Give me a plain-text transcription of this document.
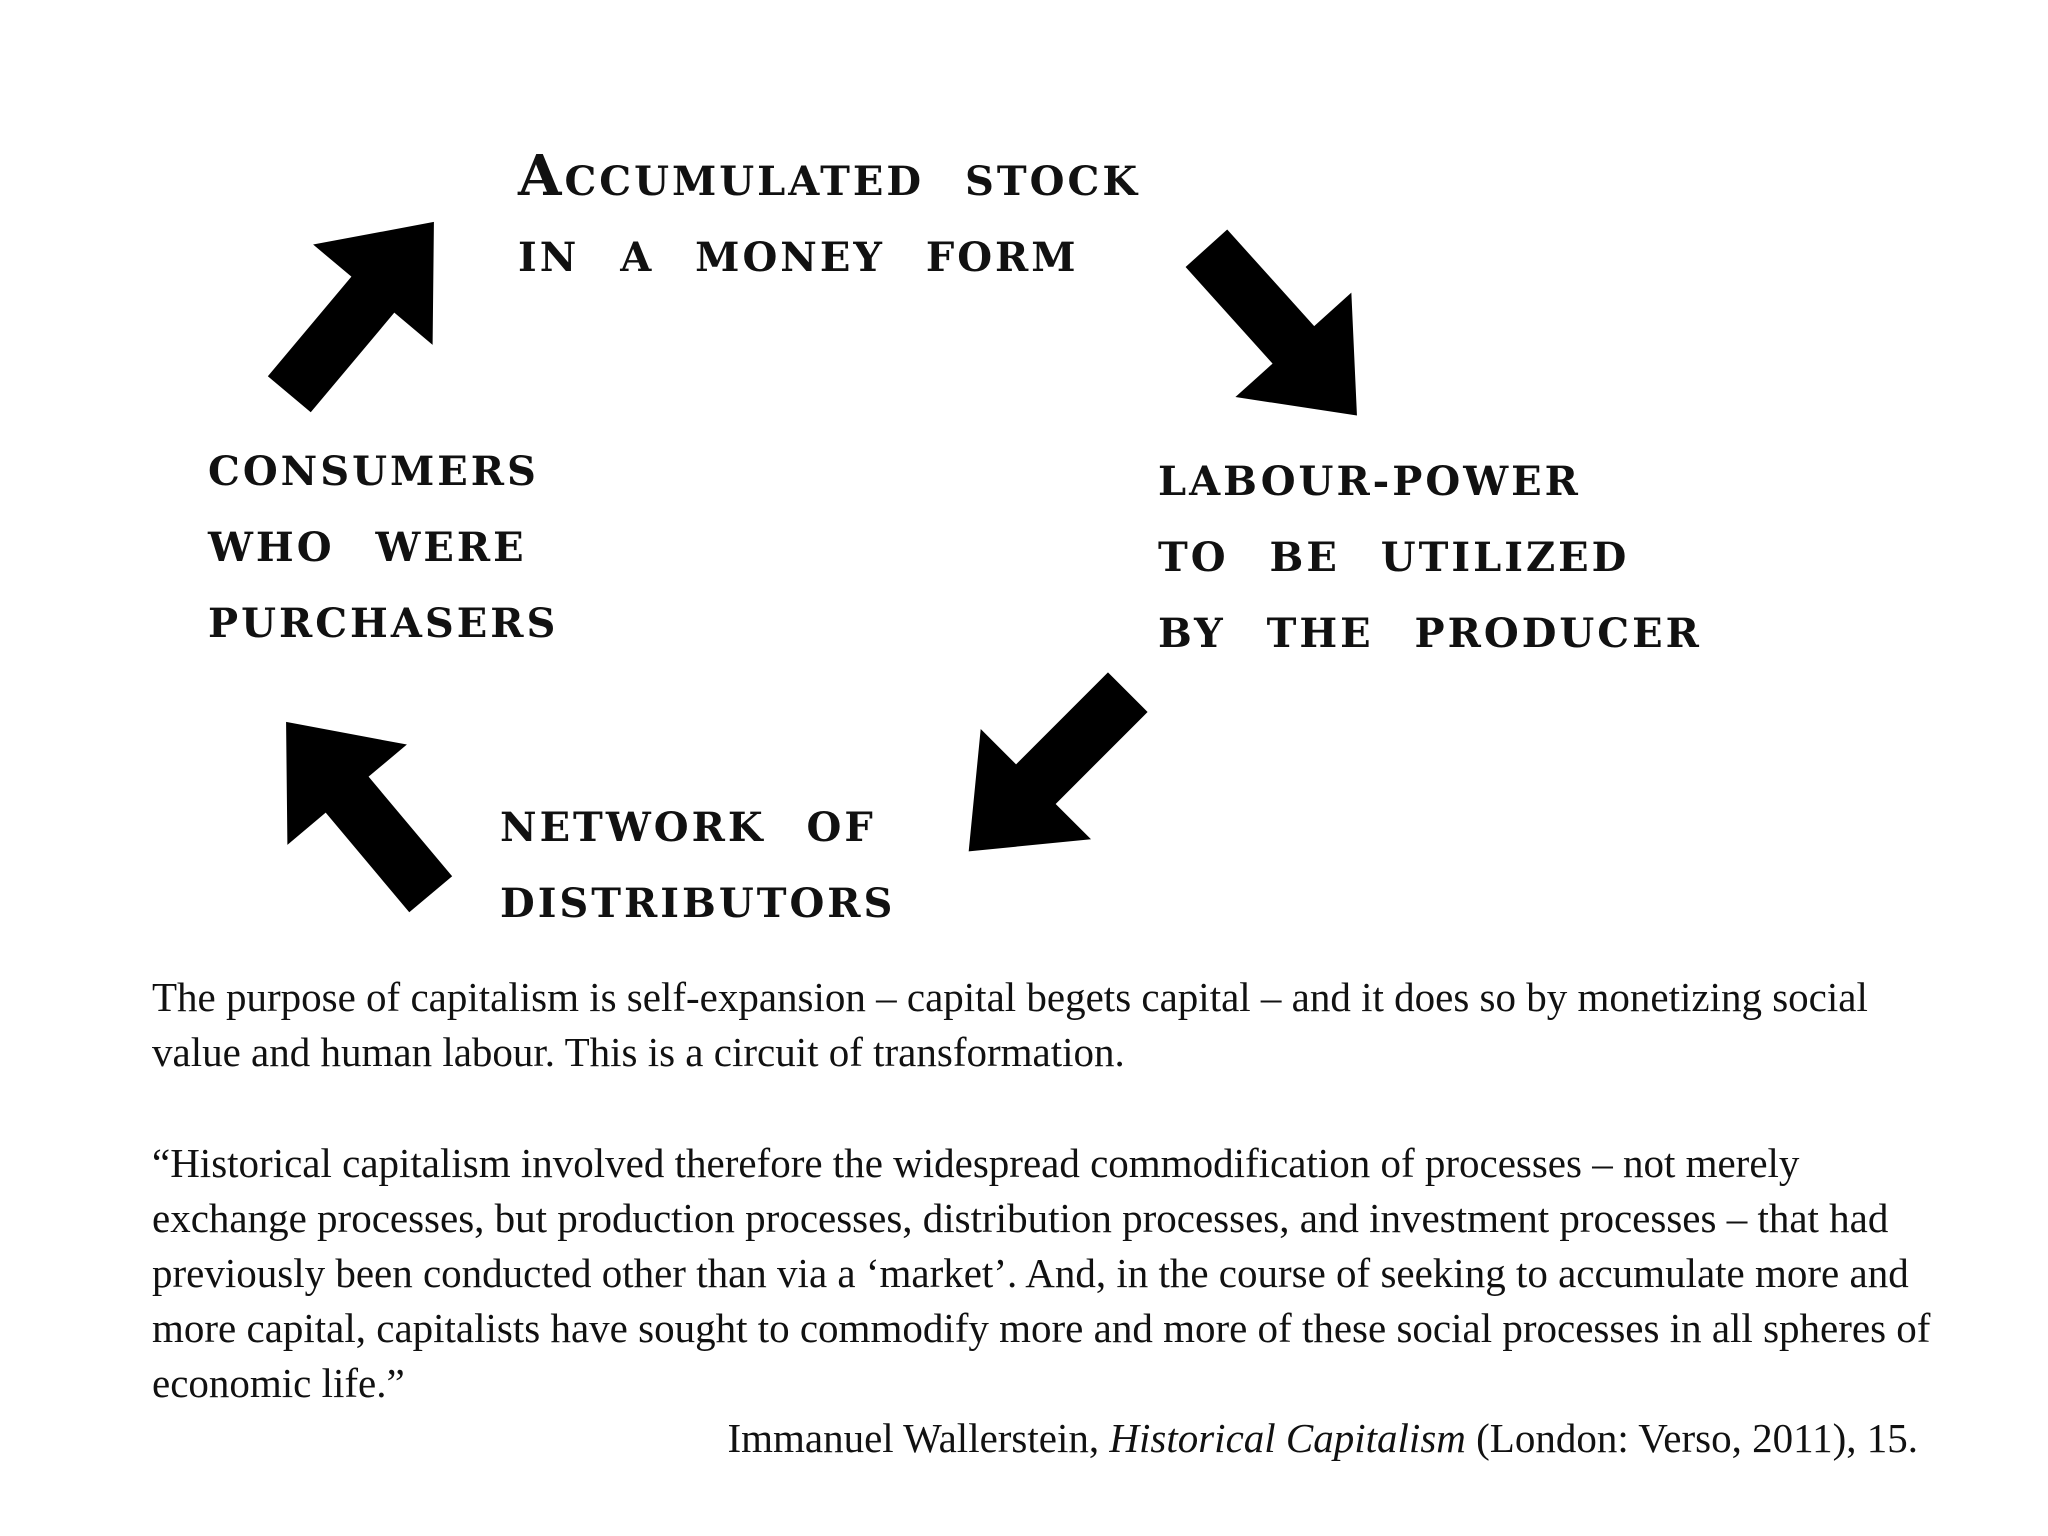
ACCUMULATED STOCK
IN A MONEY FORM
LABOUR-POWER
TO BE UTILIZED
BY THE PRODUCER
NETWORK OF
DISTRIBUTORS
CONSUMERS
WHO WERE
PURCHASERS
The purpose of capitalism is self-expansion – capital begets capital – and it does so by monetizing social value and human labour. This is a circuit of transformation.
“Historical capitalism involved therefore the widespread commodification of processes – not merely exchange processes, but production processes, distribution processes, and investment processes – that had previously been conducted other than via a ‘market’. And, in the course of seeking to accumulate more and more capital, capitalists have sought to commodify more and more of these social processes in all spheres of economic life.”
Immanuel Wallerstein, Historical Capitalism (London: Verso, 2011), 15.
